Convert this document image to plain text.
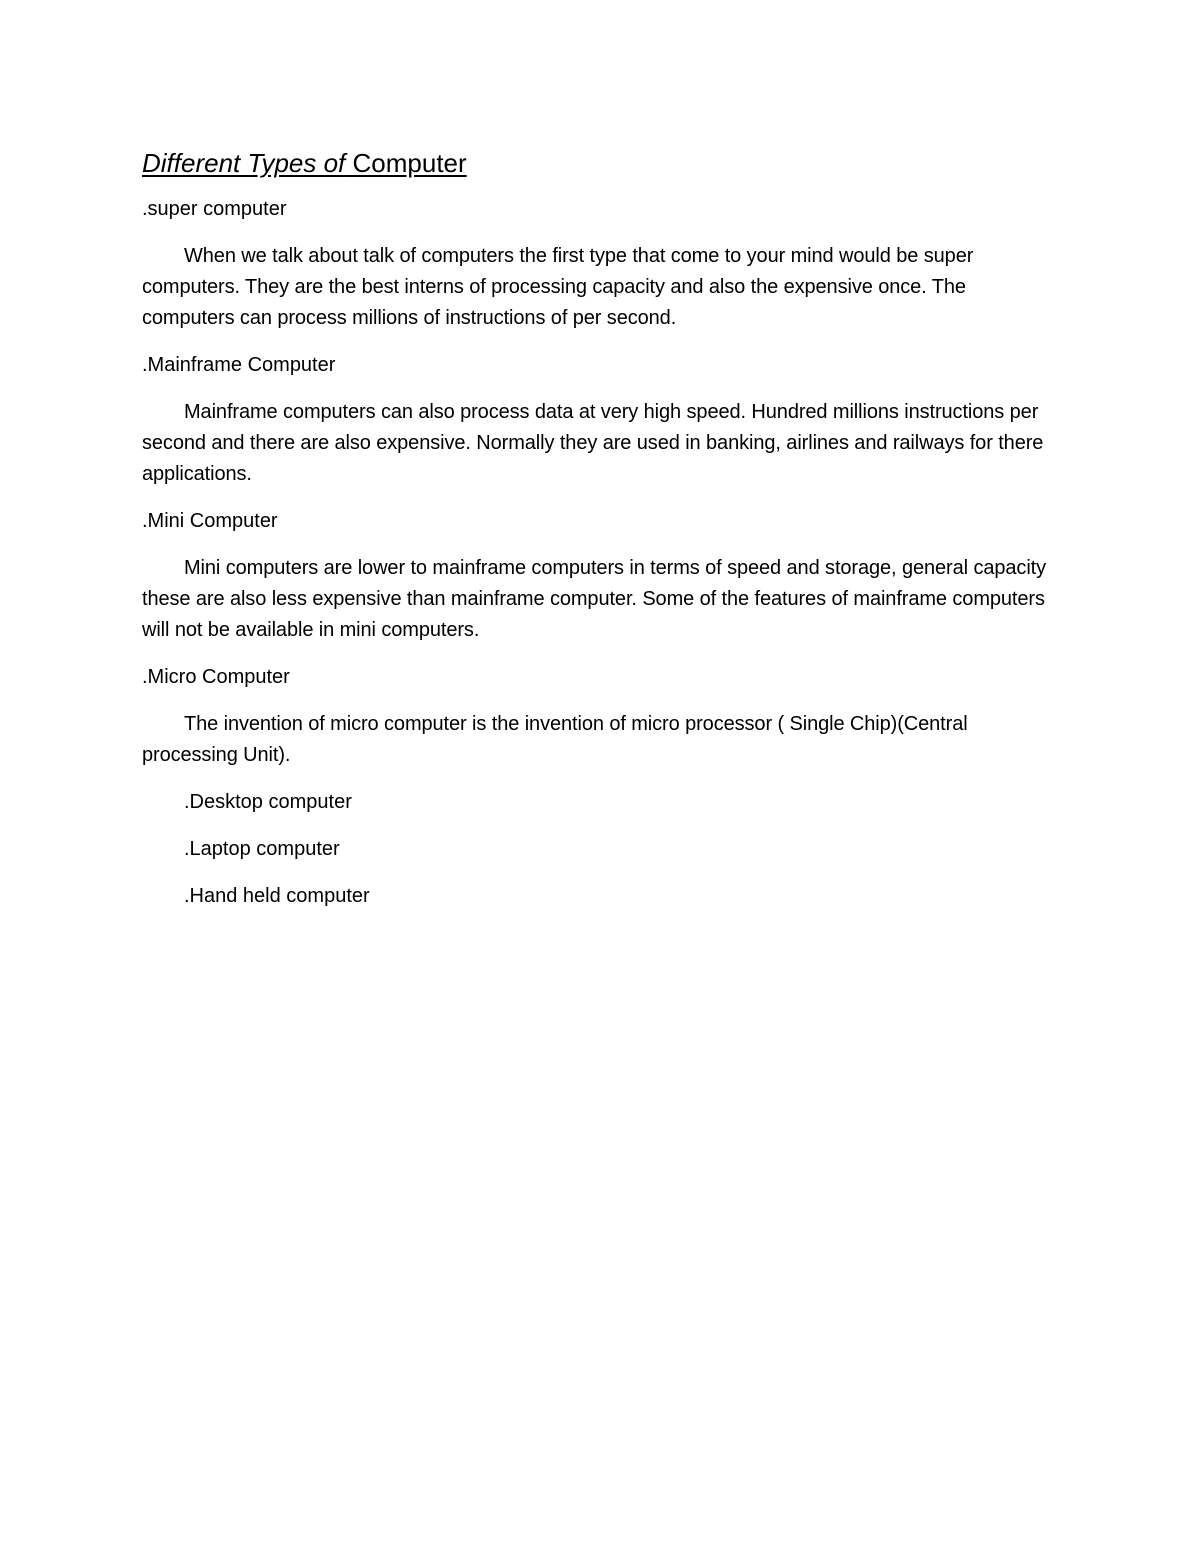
Different Types of Computer
.super computer
When we talk about talk of computers the first type that come to your mind would be super computers. They are the best interns of processing capacity and also the expensive once. The computers can process millions of instructions of per second.
.Mainframe Computer
Mainframe computers can also process data at very high speed. Hundred millions instructions per second and there are also expensive. Normally they are used in banking, airlines and railways for there applications.
.Mini Computer
Mini computers are lower to mainframe computers in terms of speed and storage, general capacity these are also less expensive than mainframe computer. Some of the features of mainframe computers will not be available in mini computers.
.Micro Computer
The invention of micro computer is the invention of micro processor ( Single Chip)(Central processing Unit).
.Desktop computer
.Laptop computer
.Hand held computer
